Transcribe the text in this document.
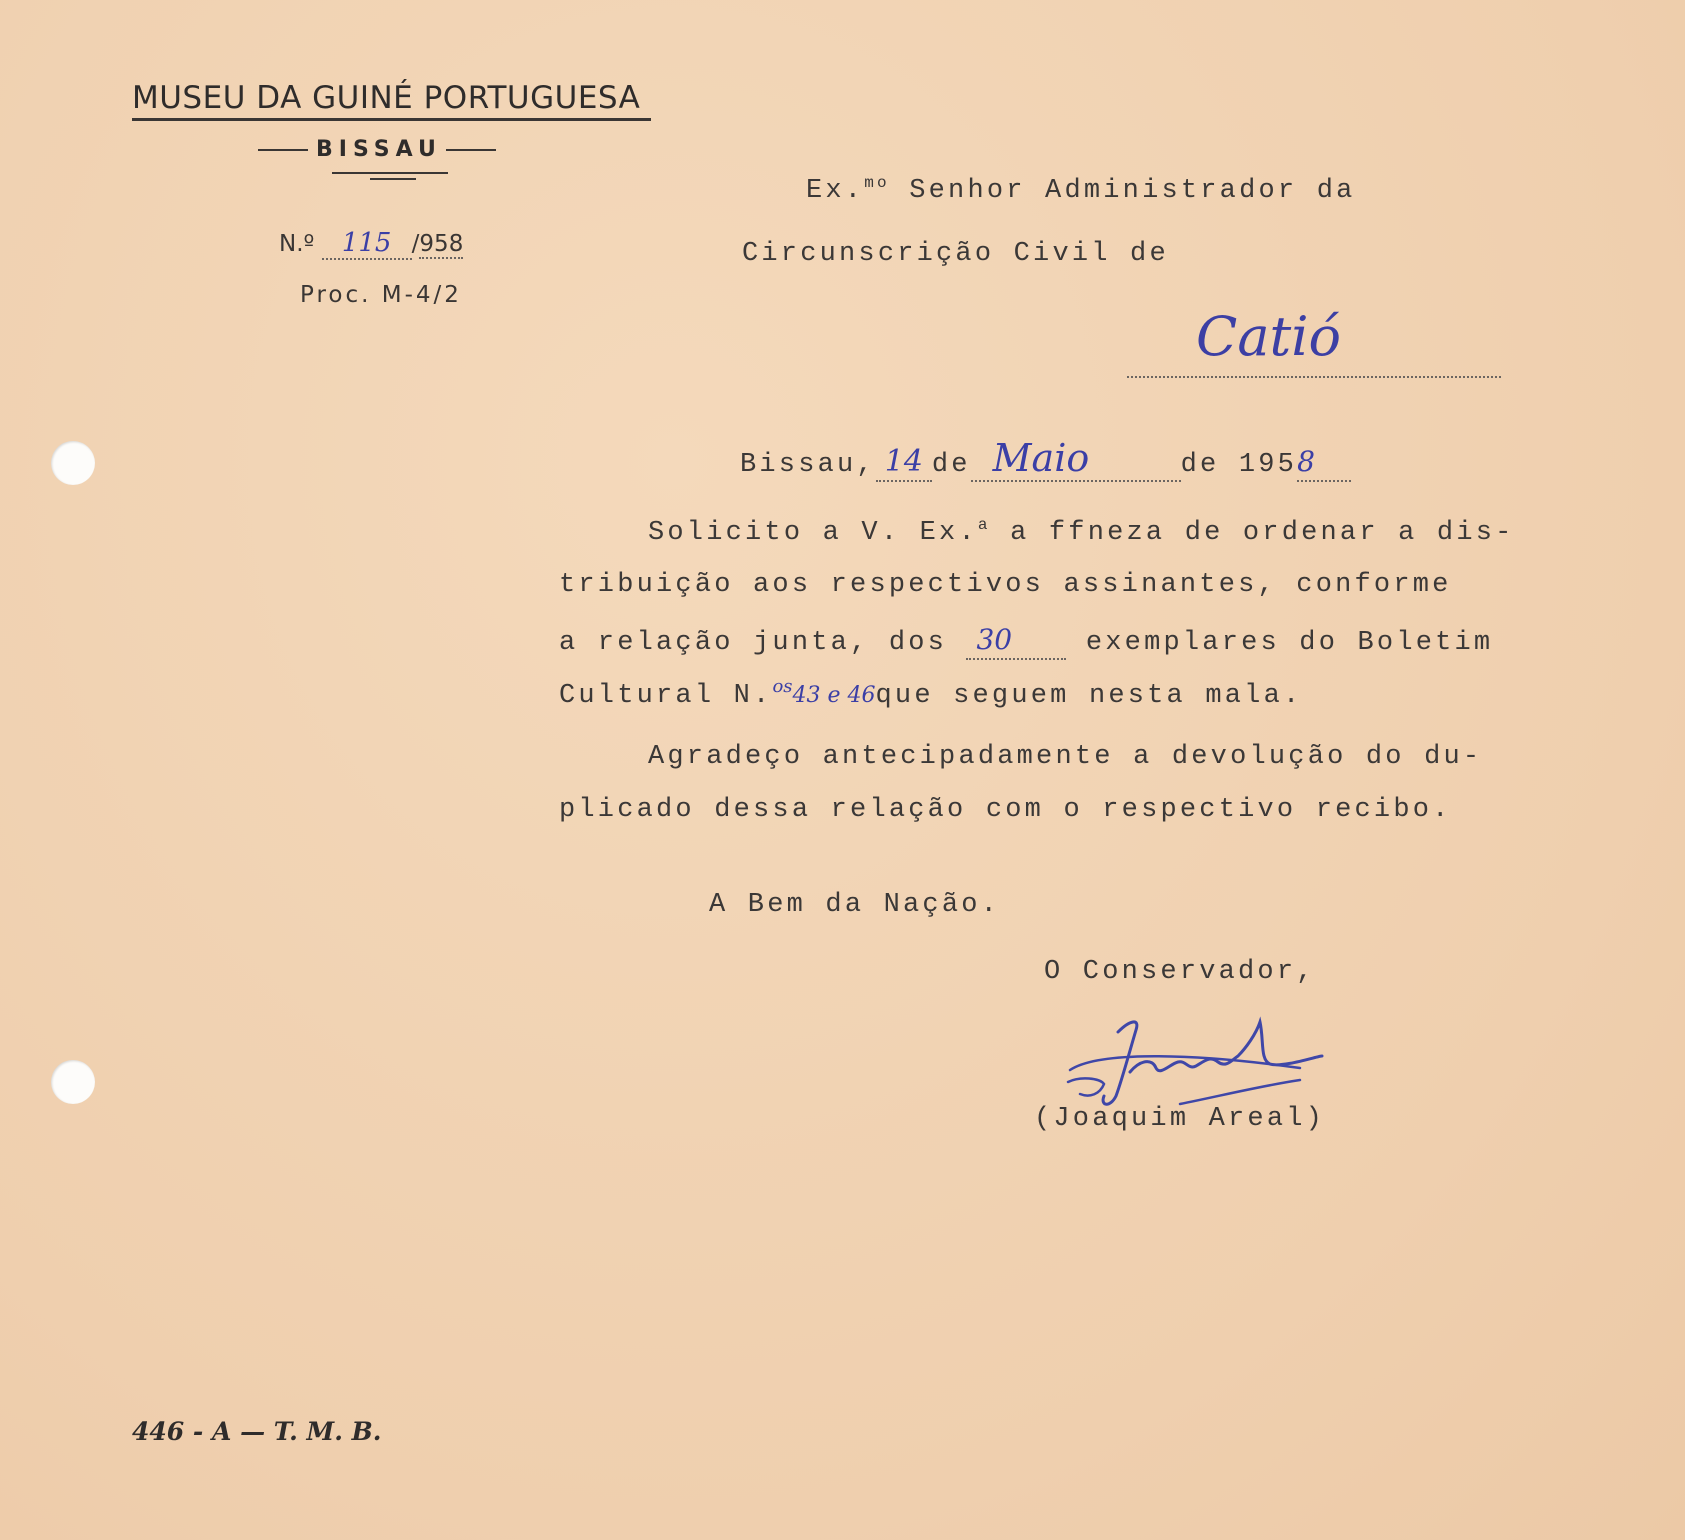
MUSEU DA GUINÉ PORTUGUESA
BISSAU
N.º 115 /958
Proc. M-4/2
Ex.$^{mo}$ Senhor Administrador da
Circunscrição Civil de
Catió
Bissau, 14 de Maio	de 1958
Solicito a V. Ex.$^a$ a ffneza de ordenar a dis-
tribuição aos respectivos assinantes, conforme
a relação junta, dos 30	exemplares do Boletim
Cultural N.$^{os}$43 e 46que seguem nesta mala.
Agradeço antecipadamente a devolução do du-
plicado dessa relação com o respectivo recibo.
A Bem da Nação.
O Conservador,
(Joaquim Areal)
446 - A — T. M. B.
